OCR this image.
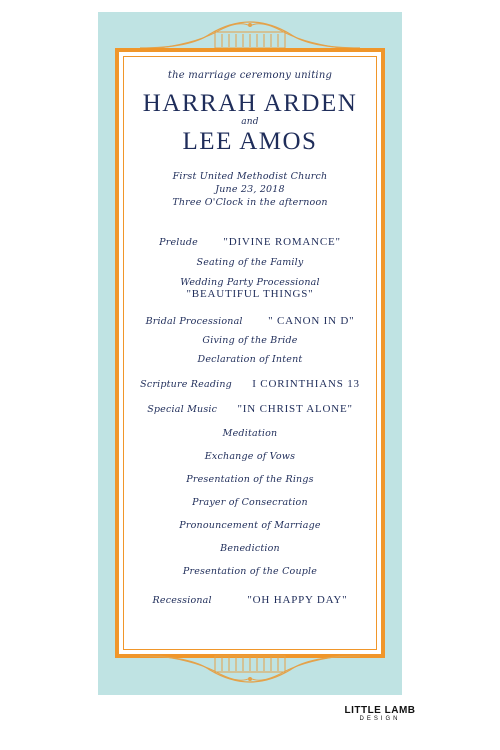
the marriage ceremony uniting
HARRAH ARDEN
and
LEE AMOS
First United Methodist Church
June 23, 2018
Three O'Clock in the afternoon
Prelude "DIVINE ROMANCE"
Seating of the Family
Wedding Party Processional
"BEAUTIFUL THINGS"
Bridal Processional " CANON IN D"
Giving of the Bride
Declaration of Intent
Scripture Reading I CORINTHIANS 13
Special Music "IN CHRIST ALONE"
Meditation
Exchange of Vows
Presentation of the Rings
Prayer of Consecration
Pronouncement of Marriage
Benediction
Presentation of the Couple
Recessional	"OH HAPPY DAY"
LITTLE LAMB
DESIGN
